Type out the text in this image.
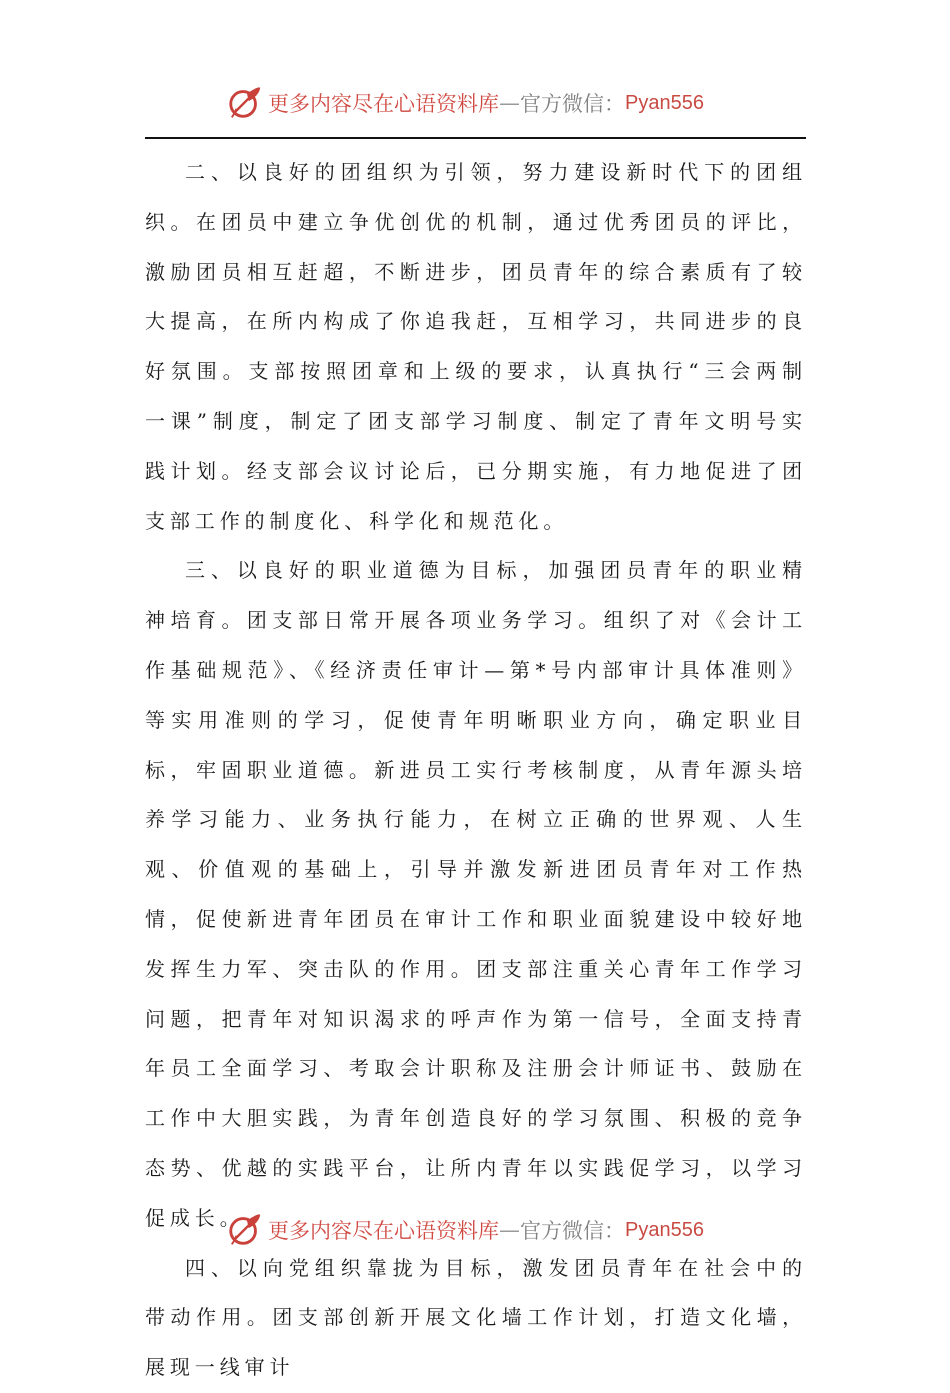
更多内容尽在心语资料库 — 官方微信： Pyan556

二、以良好的团组织为引领，努力建设新时代下的团组织。在团员中建立争优创优的机制，通过优秀团员的评比，激励团员相互赶超，不断进步，团员青年的综合素质有了较大提高，在所内构成了你追我赶，互相学习，共同进步的良好氛围。支部按照团章和上级的要求，认真执行“三会两制一课”制度，制定了团支部学习制度、制定了青年文明号实践计划。经支部会议讨论后，已分期实施，有力地促进了团支部工作的制度化、科学化和规范化。

三、以良好的职业道德为目标，加强团员青年的职业精神培育。团支部日常开展各项业务学习。组织了对《会计工作基础规范》、《经济责任审计—第*号内部审计具体准则》等实用准则的学习，促使青年明晰职业方向，确定职业目标，牢固职业道德。新进员工实行考核制度，从青年源头培养学习能力、业务执行能力，在树立正确的世界观、人生观、价值观的基础上，引导并激发新进团员青年对工作热情，促使新进青年团员在审计工作和职业面貌建设中较好地发挥生力军、突击队的作用。团支部注重关心青年工作学习问题，把青年对知识渴求的呼声作为第一信号，全面支持青年员工全面学习、考取会计职称及注册会计师证书、鼓励在工作中大胆实践，为青年创造良好的学习氛围、积极的竞争态势、优越的实践平台，让所内青年以实践促学习，以学习促成长。

四、以向党组织靠拢为目标，激发团员青年在社会中的带动作用。团支部创新开展文化墙工作计划，打造文化墙，展现一线审计

更多内容尽在心语资料库 — 官方微信： Pyan556
